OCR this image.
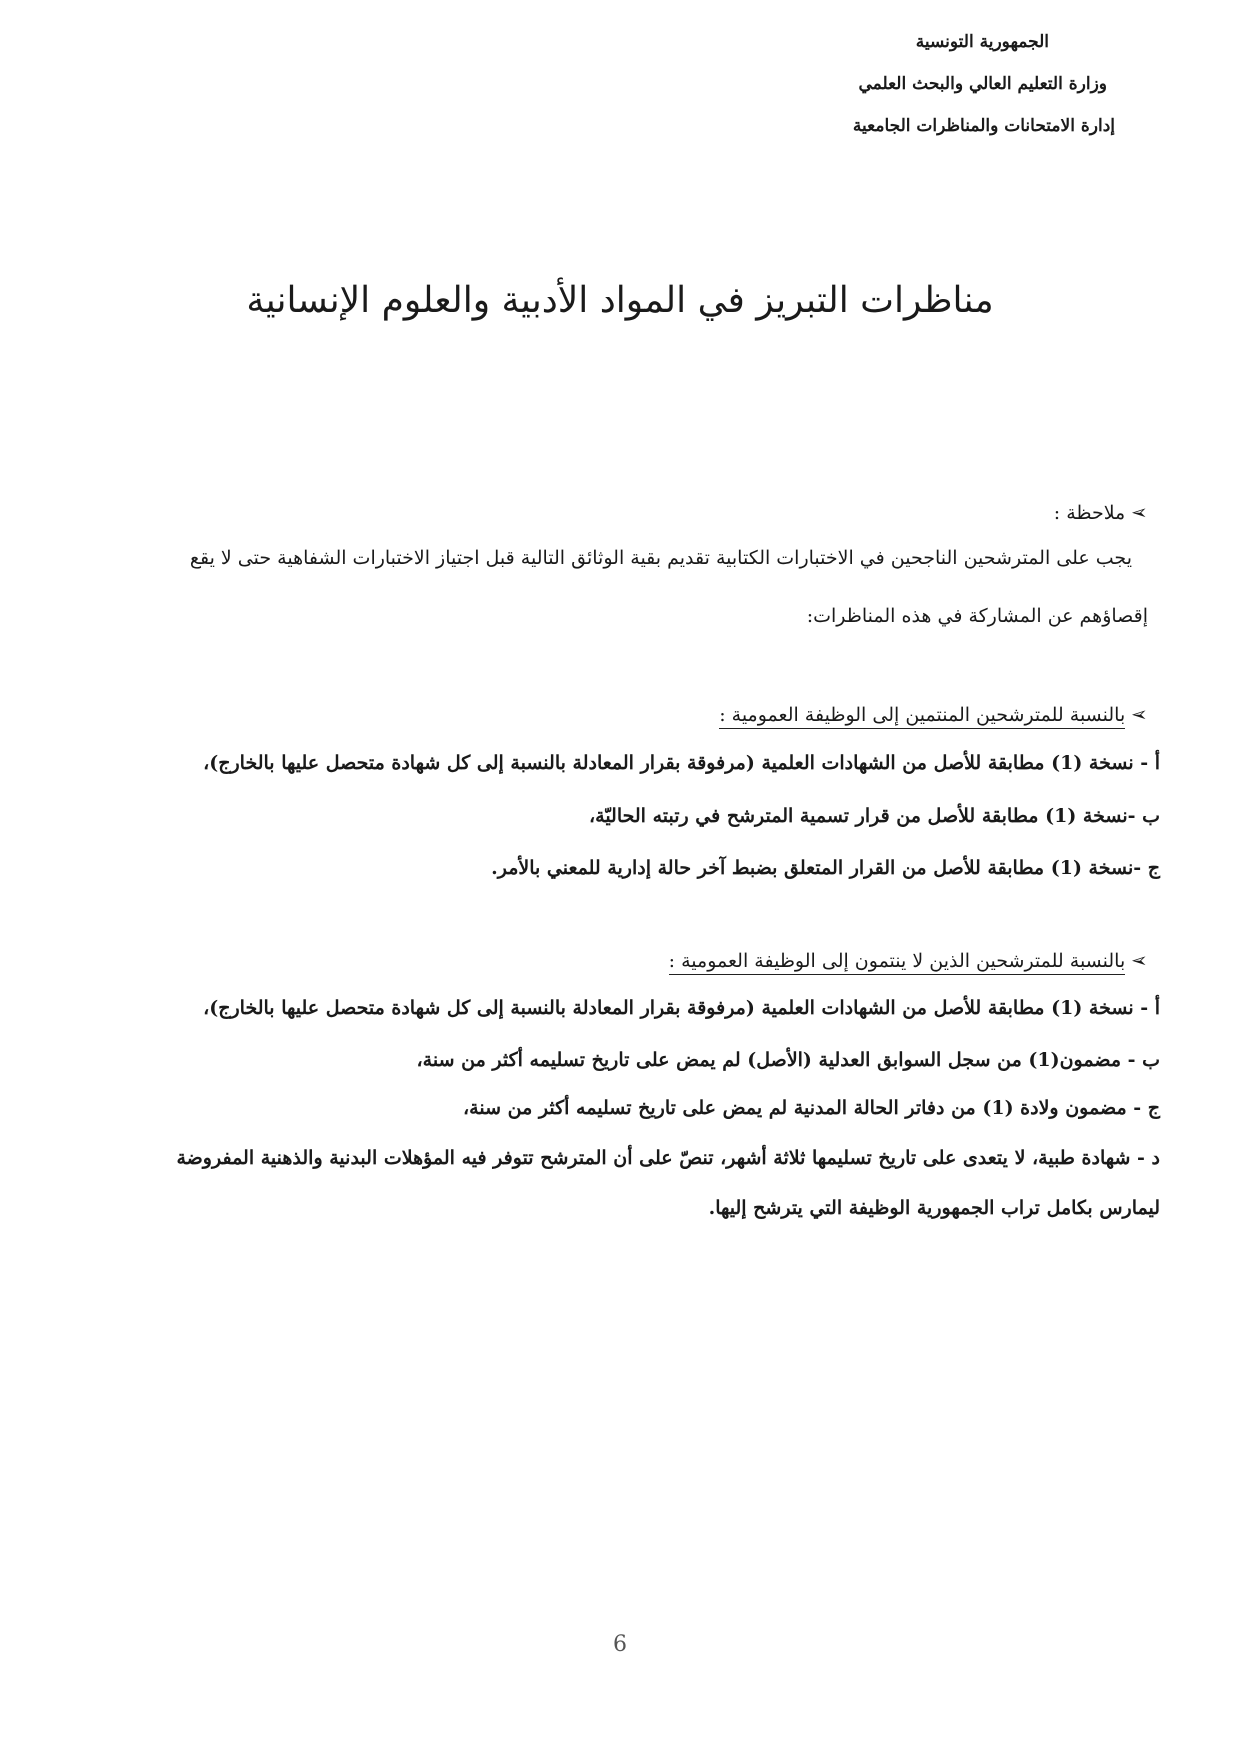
الجمهورية التونسية
وزارة التعليم العالي والبحث العلمي
إدارة الامتحانات والمناظرات الجامعية
مناظرات التبريز في المواد الأدبية والعلوم الإنسانية
➢ملاحظة :
يجب على المترشحين الناجحين في الاختبارات الكتابية تقديم بقية الوثائق التالية قبل اجتياز الاختبارات الشفاهية حتى لا يقع
إقصاؤهم عن المشاركة في هذه المناظرات:
➢بالنسبة للمترشحين المنتمين إلى الوظيفة العمومية :
أ - نسخة (1) مطابقة للأصل من الشهادات العلمية (مرفوقة بقرار المعادلة بالنسبة إلى كل شهادة متحصل عليها بالخارج)،
ب -نسخة (1) مطابقة للأصل من قرار تسمية المترشح في رتبته الحاليّة،
ج -نسخة (1) مطابقة للأصل من القرار المتعلق بضبط آخر حالة إدارية للمعني بالأمر.
➢بالنسبة للمترشحين الذين لا ينتمون إلى الوظيفة العمومية :
أ - نسخة (1) مطابقة للأصل من الشهادات العلمية (مرفوقة بقرار المعادلة بالنسبة إلى كل شهادة متحصل عليها بالخارج)،
ب - مضمون(1) من سجل السوابق العدلية (الأصل) لم يمض على تاريخ تسليمه أكثر من سنة،
ج - مضمون ولادة (1) من دفاتر الحالة المدنية لم يمض على تاريخ تسليمه أكثر من سنة،
د - شهادة طبية، لا يتعدى على تاريخ تسليمها ثلاثة أشهر، تنصّ على أن المترشح تتوفر فيه المؤهلات البدنية والذهنية المفروضة
ليمارس بكامل تراب الجمهورية الوظيفة التي يترشح إليها.
6
